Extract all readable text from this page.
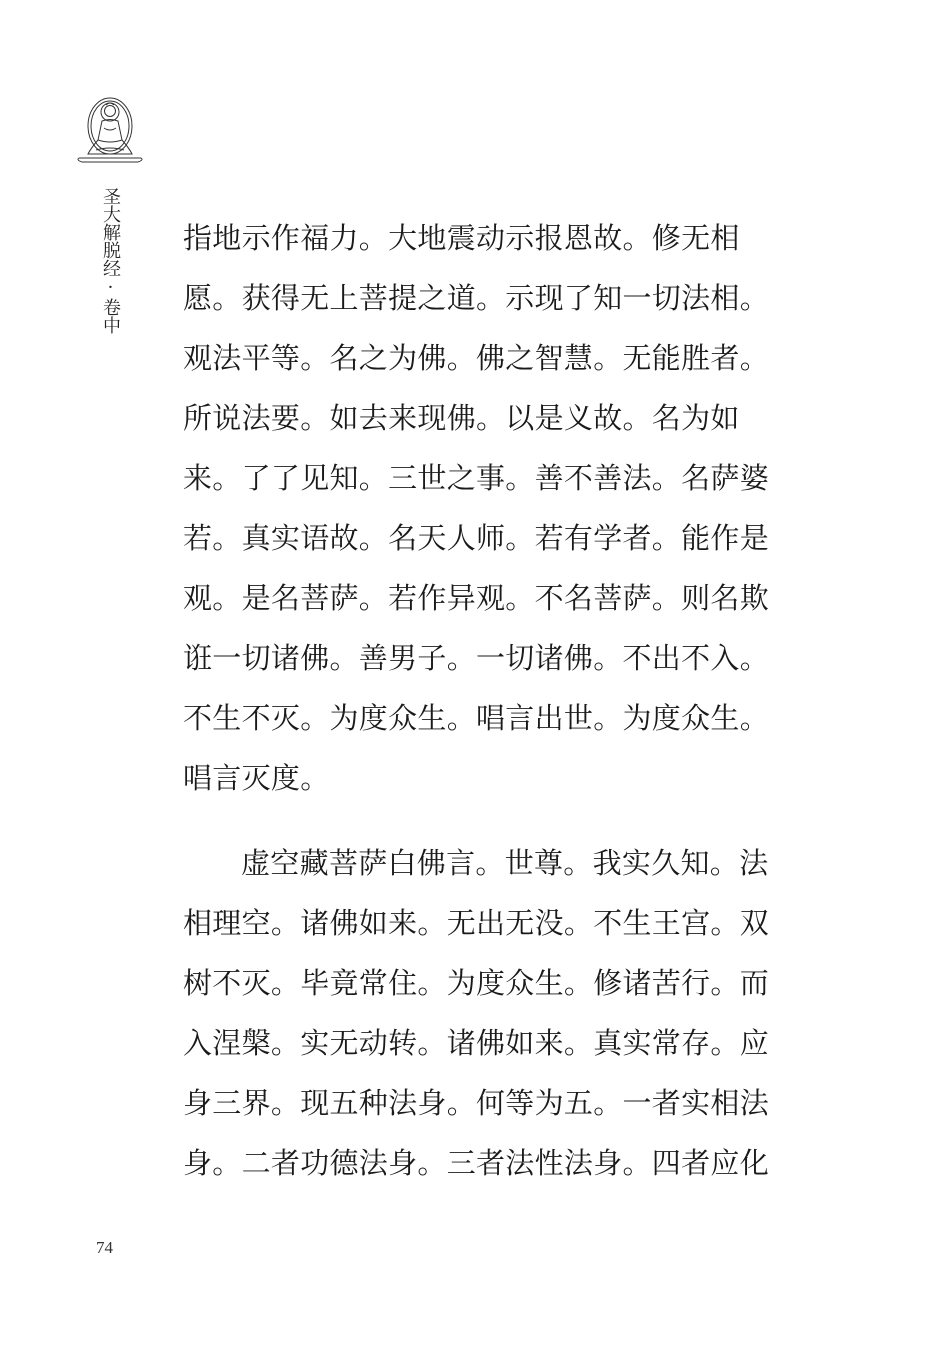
圣大解脱经·卷中 指地示作福力。大地震动示报恩故。修无相
愿。获得无上菩提之道。示现了知一切法相。
观法平等。名之为佛。佛之智慧。无能胜者。
所说法要。如去来现佛。以是义故。名为如
来。了了见知。三世之事。善不善法。名萨婆
若。真实语故。名天人师。若有学者。能作是
观。是名菩萨。若作异观。不名菩萨。则名欺
诳一切诸佛。善男子。一切诸佛。不出不入。
不生不灭。为度众生。唱言出世。为度众生。
唱言灭度。
虚空藏菩萨白佛言。世尊。我实久知。法
相理空。诸佛如来。无出无没。不生王宫。双
树不灭。毕竟常住。为度众生。修诸苦行。而
入涅槃。实无动转。诸佛如来。真实常存。应
身三界。现五种法身。何等为五。一者实相法
身。二者功德法身。三者法性法身。四者应化
74
